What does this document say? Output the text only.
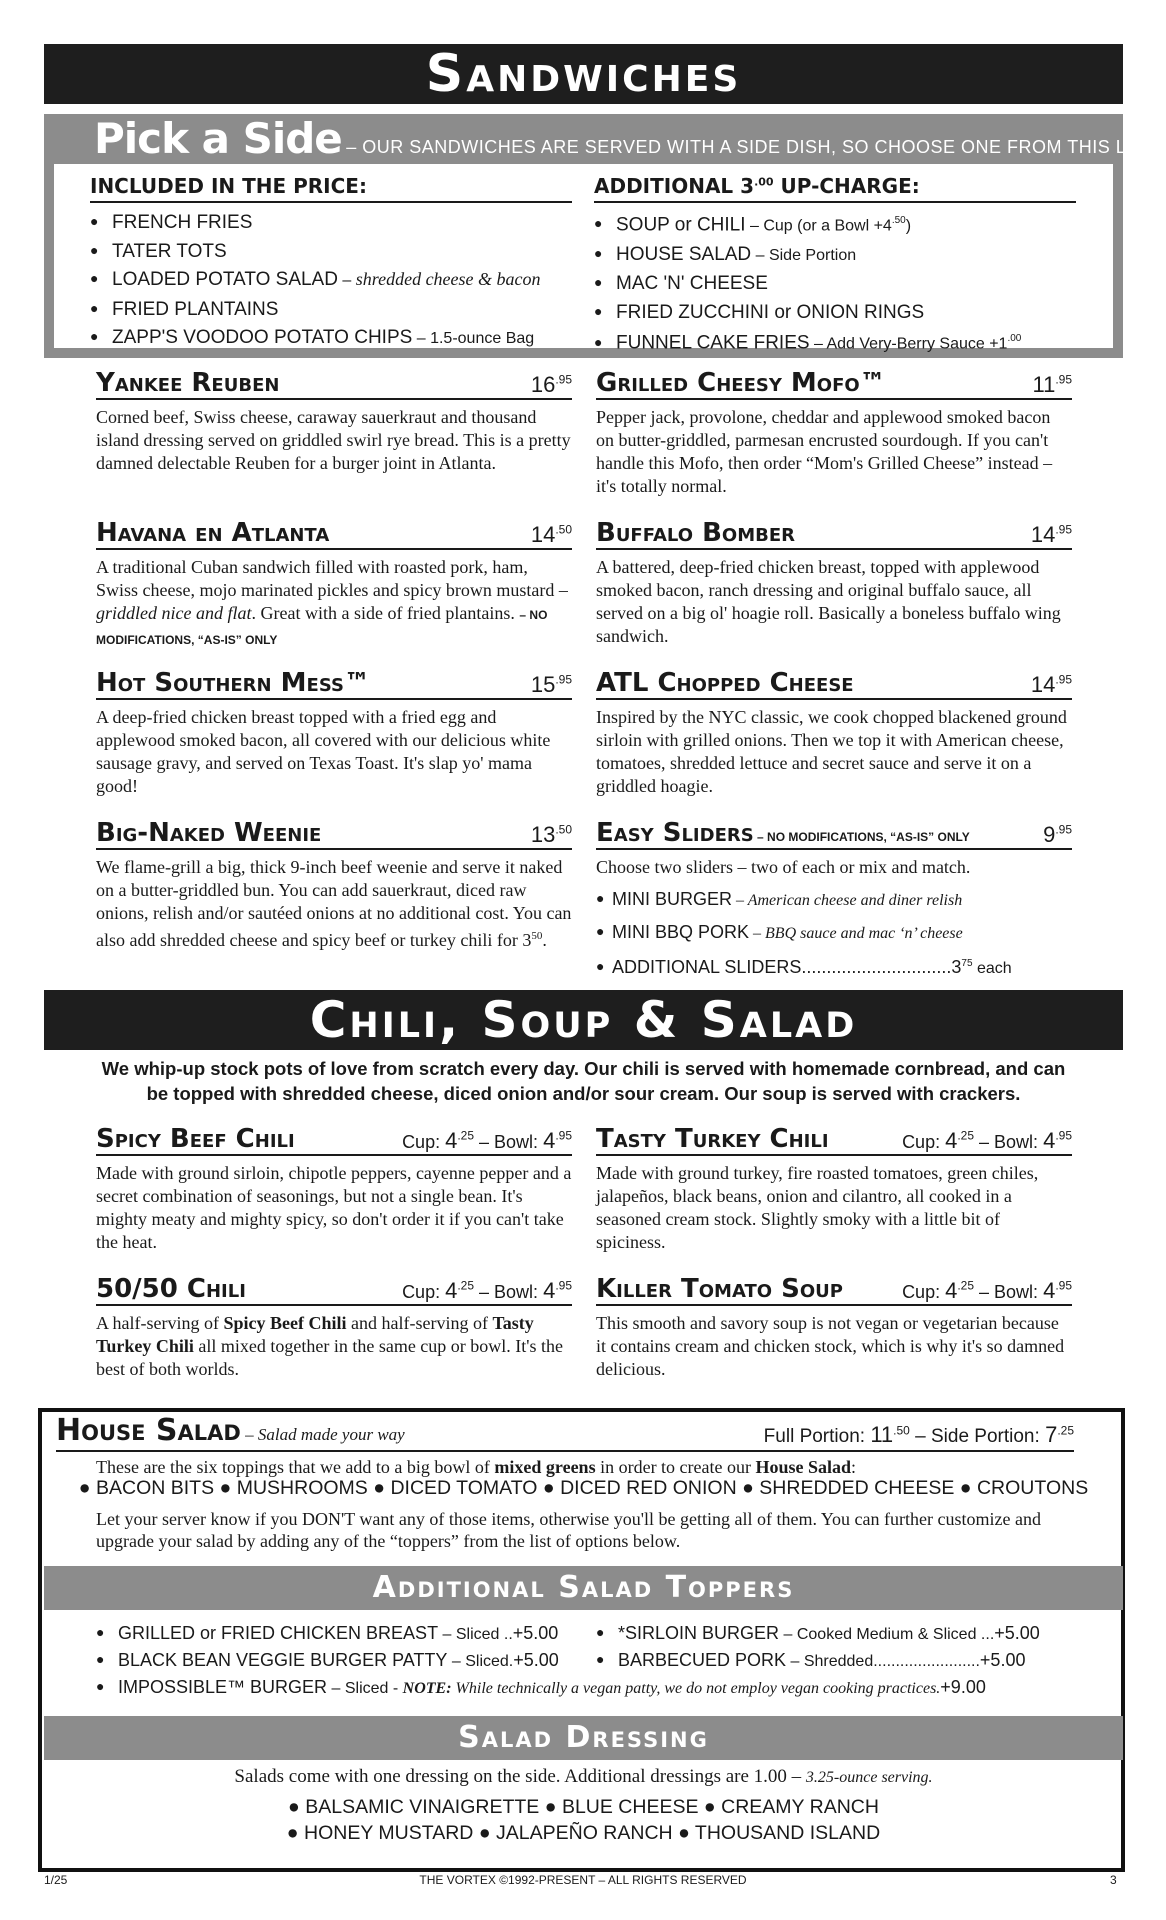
Sandwiches
Pick a Side – OUR SANDWICHES ARE SERVED WITH A SIDE DISH, SO CHOOSE ONE FROM THIS LIST
INCLUDED IN THE PRICE:
● FRENCH FRIES
● TATER TOTS
● LOADED POTATO SALAD – shredded cheese & bacon
● FRIED PLANTAINS
● ZAPP'S VOODOO POTATO CHIPS – 1.5-ounce Bag
ADDITIONAL $3^{.00}$ UP-CHARGE:
● SOUP or CHILI – Cup (or a Bowl $+4^{.50}$)
● HOUSE SALAD – Side Portion
● MAC 'N' CHEESE
● FRIED ZUCCHINI or ONION RINGS
● FUNNEL CAKE FRIES – Add Very-Berry Sauce $+1^{.00}$
Yankee Reuben	$16^{.95}$

Corned beef, Swiss cheese, caraway sauerkraut and thousand island dressing served on griddled swirl rye bread. This is a pretty damned delectable Reuben for a burger joint in Atlanta.

Grilled Cheesy Mofo™	$11^{.95}$

Pepper jack, provolone, cheddar and applewood smoked bacon on butter-griddled, parmesan encrusted sourdough. If you can't handle this Mofo, then order “Mom's Grilled Cheese” instead – it's totally normal.

Havana en Atlanta	$14^{.50}$

A traditional Cuban sandwich filled with roasted pork, ham, Swiss cheese, mojo marinated pickles and spicy brown mustard – griddled nice and flat. Great with a side of fried plantains. – NO MODIFICATIONS, “AS-IS” ONLY

Buffalo Bomber	$14^{.95}$

A battered, deep-fried chicken breast, topped with applewood smoked bacon, ranch dressing and original buffalo sauce, all served on a big ol' hoagie roll. Basically a boneless buffalo wing sandwich.

Hot Southern Mess™	$15^{.95}$

A deep-fried chicken breast topped with a fried egg and applewood smoked bacon, all covered with our delicious white sausage gravy, and served on Texas Toast. It's slap yo' mama good!

ATL Chopped Cheese	$14^{.95}$

Inspired by the NYC classic, we cook chopped blackened ground sirloin with grilled onions. Then we top it with American cheese, tomatoes, shredded lettuce and secret sauce and serve it on a griddled hoagie.

Big-Naked Weenie	$13^{.50}$

We flame-grill a big, thick 9-inch beef weenie and serve it naked on a butter-griddled bun. You can add sauerkraut, diced raw onions, relish and/or sautéed onions at no additional cost. You can also add shredded cheese and spicy beef or turkey chili for $3^{50}$.

Easy Sliders – NO MODIFICATIONS, “AS-IS” ONLY	$9^{.95}$

Choose two sliders – two of each or mix and match.

● MINI BURGER – American cheese and diner relish
● MINI BBQ PORK – BBQ sauce and mac ‘n’ cheese
● ADDITIONAL SLIDERS..............................3$^{75}$ each
Chili, Soup & Salad
We whip-up stock pots of love from scratch every day. Our chili is served with homemade cornbread, and can be topped with shredded cheese, diced onion and/or sour cream. Our soup is served with crackers.
Spicy Beef Chili	Cup: $4^{.25}$ – Bowl: $4^{.95}$

Made with ground sirloin, chipotle peppers, cayenne pepper and a secret combination of seasonings, but not a single bean. It's mighty meaty and mighty spicy, so don't order it if you can't take the heat.

Tasty Turkey Chili	Cup: $4^{.25}$ – Bowl: $4^{.95}$

Made with ground turkey, fire roasted tomatoes, green chiles, jalapeños, black beans, onion and cilantro, all cooked in a seasoned cream stock. Slightly smoky with a little bit of spiciness.

50/50 Chili	Cup: $4^{.25}$ – Bowl: $4^{.95}$

A half-serving of Spicy Beef Chili and half-serving of Tasty Turkey Chili all mixed together in the same cup or bowl. It's the best of both worlds.

Killer Tomato Soup	Cup: $4^{.25}$ – Bowl: $4^{.95}$

This smooth and savory soup is not vegan or vegetarian because it contains cream and chicken stock, which is why it's so damned delicious.

House Salad – Salad made your way	Full Portion: $11^{.50}$ – Side Portion: $7^{.25}$
These are the six toppings that we add to a big bowl of mixed greens in order to create our House Salad:
● BACON BITS ● MUSHROOMS ● DICED TOMATO ● DICED RED ONION ● SHREDDED CHEESE ● CROUTONS
Let your server know if you DON'T want any of those items, otherwise you'll be getting all of them. You can further customize and upgrade your salad by adding any of the “toppers” from the list of options below.
Additional Salad Toppers
● GRILLED or FRIED CHICKEN BREAST – Sliced ..+5.00	● *SIRLOIN BURGER – Cooked Medium & Sliced ...+5.00
● BLACK BEAN VEGGIE BURGER PATTY – Sliced.+5.00	● BARBECUED PORK – Shredded........................+5.00
● IMPOSSIBLE™ BURGER – Sliced - NOTE: While technically a vegan patty, we do not employ vegan cooking practices.+9.00
Salad Dressing
Salads come with one dressing on the side. Additional dressings are 1.00 – 3.25-ounce serving.
● BALSAMIC VINAIGRETTE ● BLUE CHEESE ● CREAMY RANCH
● HONEY MUSTARD ● JALAPEÑO RANCH ● THOUSAND ISLAND
1/25	THE VORTEX ©1992-PRESENT – ALL RIGHTS RESERVED	3
